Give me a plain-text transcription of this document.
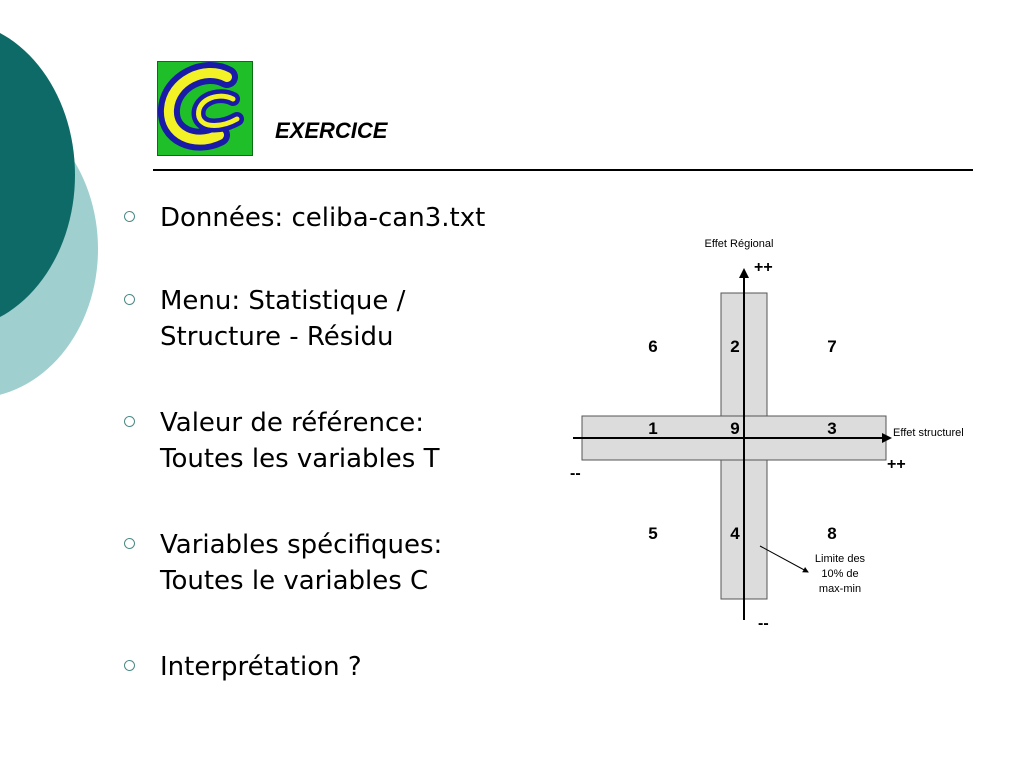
EXERCICE
Données: celiba-can3.txt
Menu: Statistique /
Structure - Résidu
Valeur de référence:
Toutes les variables T
Variables spécifiques:
Toutes le variables C
Interprétation ?
Effet Régional
Effet structurel
++
++
--
--
6	2	7
1	9	3
5	4	8
Limite des
10% de
max-min
